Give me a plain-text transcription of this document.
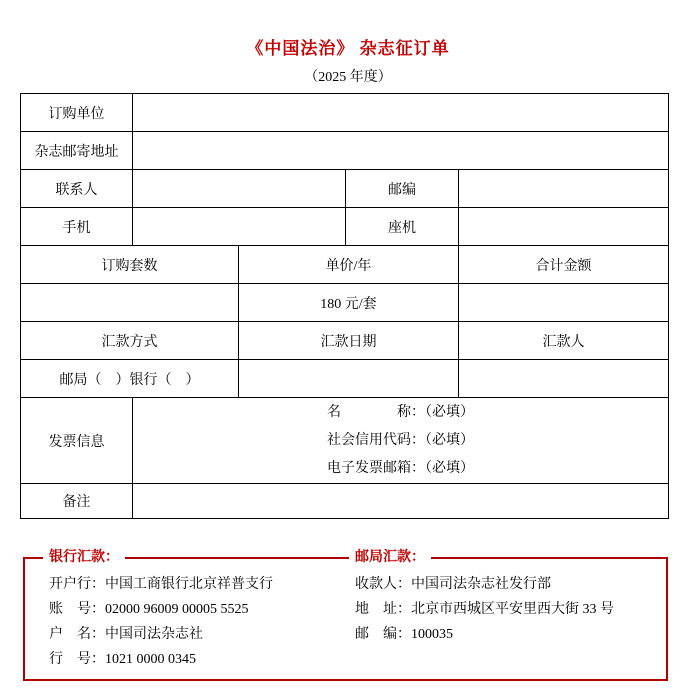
《中国法治》 杂志征订单
（2025 年度）
订购单位				
杂志邮寄地址				
联系人			邮编	
手机			座机	
订购套数		单价/年		合计金额
		180 元/套		
汇款方式		汇款日期		汇款人
邮局（　）银行（　）				
发票信息	名　　　　称：（必填）
社会信用代码：（必填）
电子发票邮箱：（必填）			

备注				
银行汇款：	邮局汇款：
开户行：中国工商银行北京祥普支行
账　号：02000 96009 00005 5525
户　名：中国司法杂志社
行　号：1021 0000 0345
收款人：中国司法杂志社发行部
地　址：北京市西城区平安里西大街 33 号
邮　编：100035
